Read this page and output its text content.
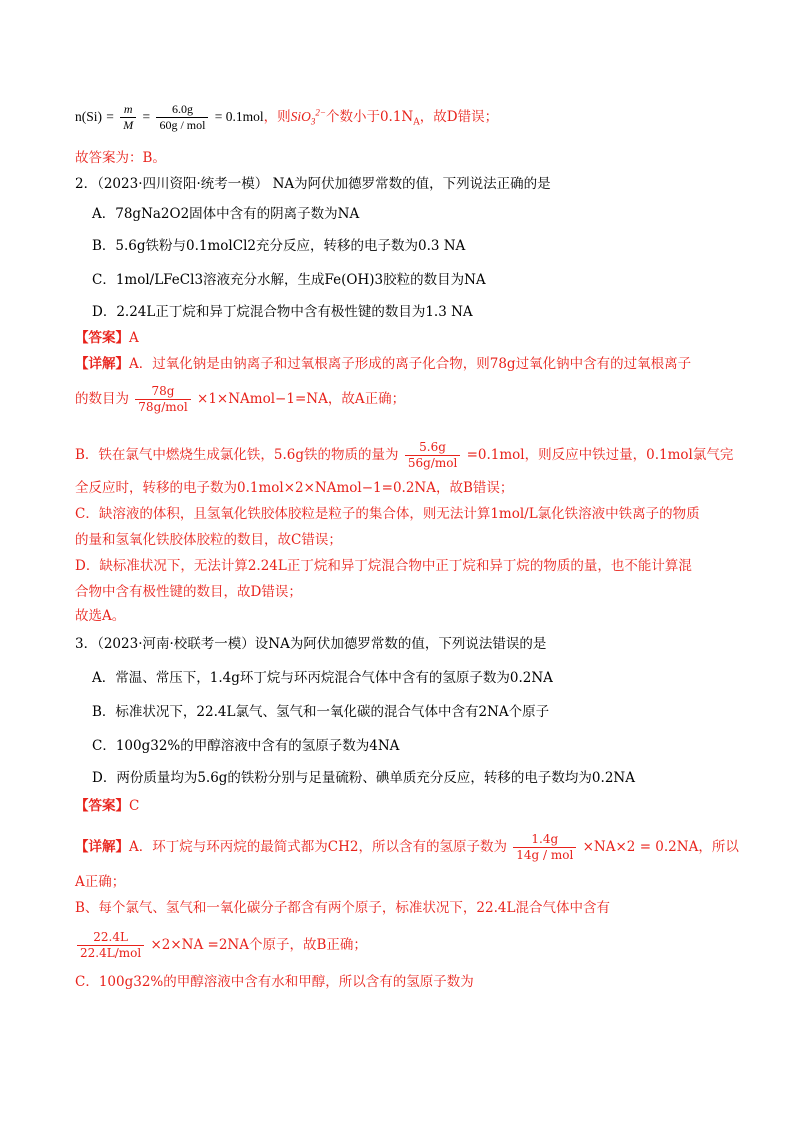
$n(Si) = \frac{m}{M} = \frac{6.0g}{\text{60g / mol}} = 0.1mol$，则SiO$_3^{2-}$个数小于$0.1N_A$，故D错误；
故答案为：B。
2．（2023·四川资阳·统考一模） NA为阿伏加德罗常数的值，下列说法正确的是
A．78gNa2O2固体中含有的阴离子数为NA
B．5.6g铁粉与0.1molCl2充分反应，转移的电子数为0.3 NA
C．1mol/LFeCl3溶液充分水解，生成Fe(OH)3胶粒的数目为NA
D．2.24L正丁烷和异丁烷混合物中含有极性键的数目为1.3 NA
【答案】A
【详解】A．过氧化钠是由钠离子和过氧根离子形成的离子化合物，则78g过氧化钠中含有的过氧根离子
的数目为 $\frac{78g}{\text{78g/mol}}$ ×1×NAmol−1=NA，故A正确；
B．铁在氯气中燃烧生成氯化铁，5.6g铁的物质的量为 $\frac{5.6g}{\text{56g/mol}} =0.1mol$，则反应中铁过量，0.1mol氯气完
全反应时，转移的电子数为0.1mol×2×NAmol−1=0.2NA，故B错误；
C．缺溶液的体积，且氢氧化铁胶体胶粒是粒子的集合体，则无法计算1mol/L氯化铁溶液中铁离子的物质
的量和氢氧化铁胶体胶粒的数目，故C错误；
D．缺标准状况下，无法计算2.24L正丁烷和异丁烷混合物中正丁烷和异丁烷的物质的量，也不能计算混
合物中含有极性键的数目，故D错误；
故选A。
3．（2023·河南·校联考一模）设NA为阿伏加德罗常数的值，下列说法错误的是
A．常温、常压下，1.4g环丁烷与环丙烷混合气体中含有的氢原子数为0.2NA
B．标准状况下，22.4L氯气、氢气和一氧化碳的混合气体中含有2NA个原子
C．100g32%的甲醇溶液中含有的氢原子数为4NA
D．两份质量均为5.6g的铁粉分别与足量硫粉、碘单质充分反应，转移的电子数均为0.2NA
【答案】C
【详解】A．环丁烷与环丙烷的最简式都为CH2，所以含有的氢原子数为 $\frac{1.4g}{\text{14g / mol}} \times NA\times 2 = 0.2NA$，所以
A正确；
B、每个氯气、氢气和一氧化碳分子都含有两个原子，标准状况下，22.4L混合气体中含有
$\frac{22.4L}{\text{22.4L/mol}} \times 2\times NA =2NA$个原子，故B正确；
C．100g32%的甲醇溶液中含有水和甲醇，所以含有的氢原子数为
